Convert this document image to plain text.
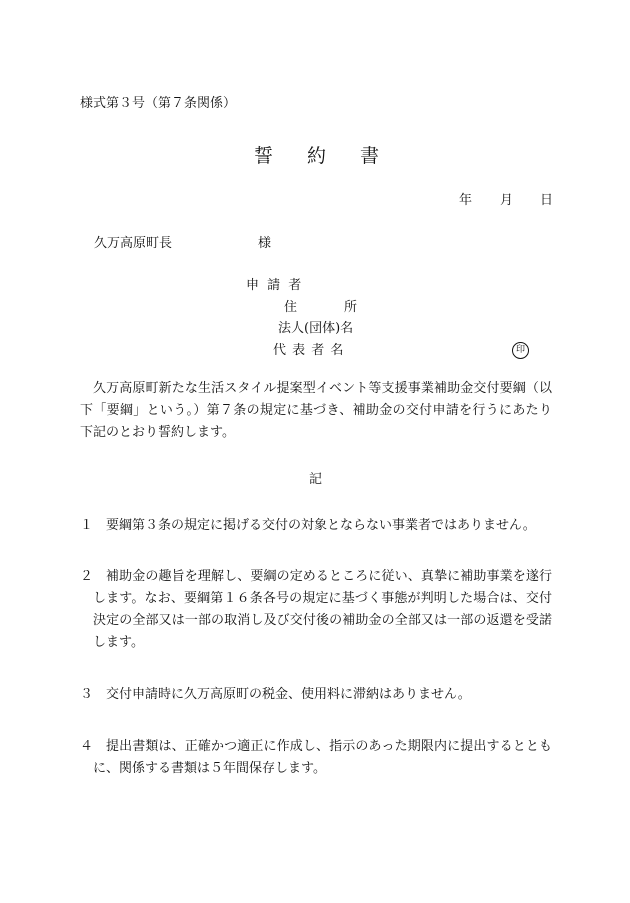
様式第３号（第７条関係）
誓 約 書
年 月 日
久万高原町長	様
申 請 者
住	所
法人(団体)名
代 表 者 名	印
久万高原町新たな生活スタイル提案型イベント等支援事業補助金交付要綱（以下「要綱」という。）第７条の規定に基づき、補助金の交付申請を行うにあたり下記のとおり誓約します。
記
１ 要綱第３条の規定に掲げる交付の対象とならない事業者ではありません。
２ 補助金の趣旨を理解し、要綱の定めるところに従い、真摯に補助事業を遂行します。なお、要綱第１６条各号の規定に基づく事態が判明した場合は、交付決定の全部又は一部の取消し及び交付後の補助金の全部又は一部の返還を受諾します。
３ 交付申請時に久万高原町の税金、使用料に滞納はありません。
４ 提出書類は、正確かつ適正に作成し、指示のあった期限内に提出するとともに、関係する書類は５年間保存します。
